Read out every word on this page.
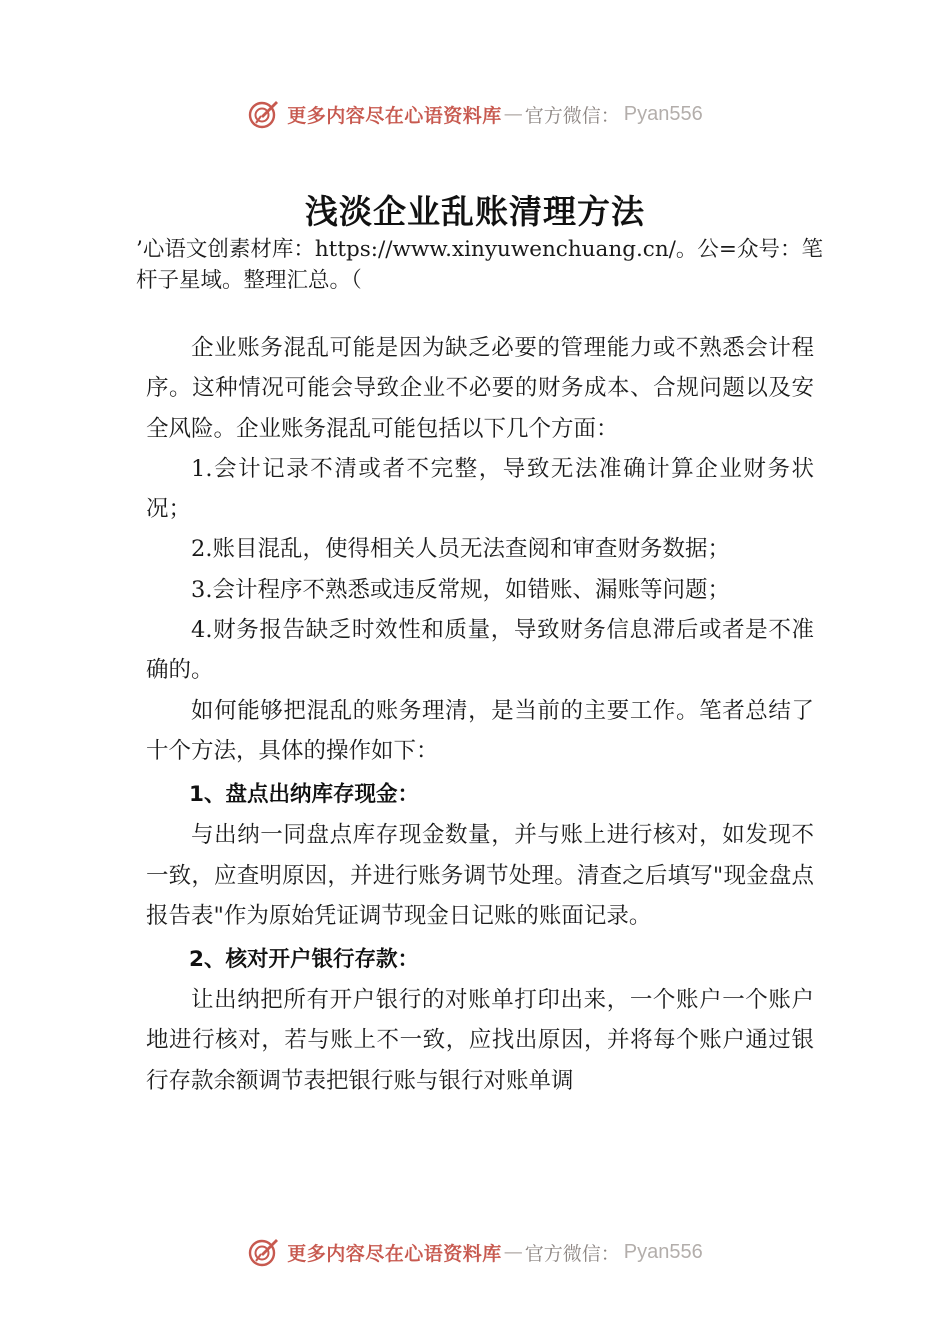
更多内容尽在心语资料库 — 官方微信： Pyan556
浅淡企业乱账清理方法
’心语文创素材库：https://www.xinyuwenchuang.cn/。公=众号：笔杆子星域。整理汇总。（

企业账务混乱可能是因为缺乏必要的管理能力或不熟悉会计程序。这种情况可能会导致企业不必要的财务成本、合规问题以及安全风险。企业账务混乱可能包括以下几个方面：

1.会计记录不清或者不完整，导致无法准确计算企业财务状况；

2.账目混乱，使得相关人员无法查阅和审查财务数据；

3.会计程序不熟悉或违反常规，如错账、漏账等问题；

4.财务报告缺乏时效性和质量，导致财务信息滞后或者是不准确的。

如何能够把混乱的账务理清，是当前的主要工作。笔者总结了十个方法，具体的操作如下：

1、盘点出纳库存现金：

与出纳一同盘点库存现金数量，并与账上进行核对，如发现不一致，应查明原因，并进行账务调节处理。清查之后填写"现金盘点报告表"作为原始凭证调节现金日记账的账面记录。

2、核对开户银行存款：

让出纳把所有开户银行的对账单打印出来，一个账户一个账户地进行核对，若与账上不一致，应找出原因，并将每个账户通过银行存款余额调节表把银行账与银行对账单调

更多内容尽在心语资料库 — 官方微信： Pyan556
